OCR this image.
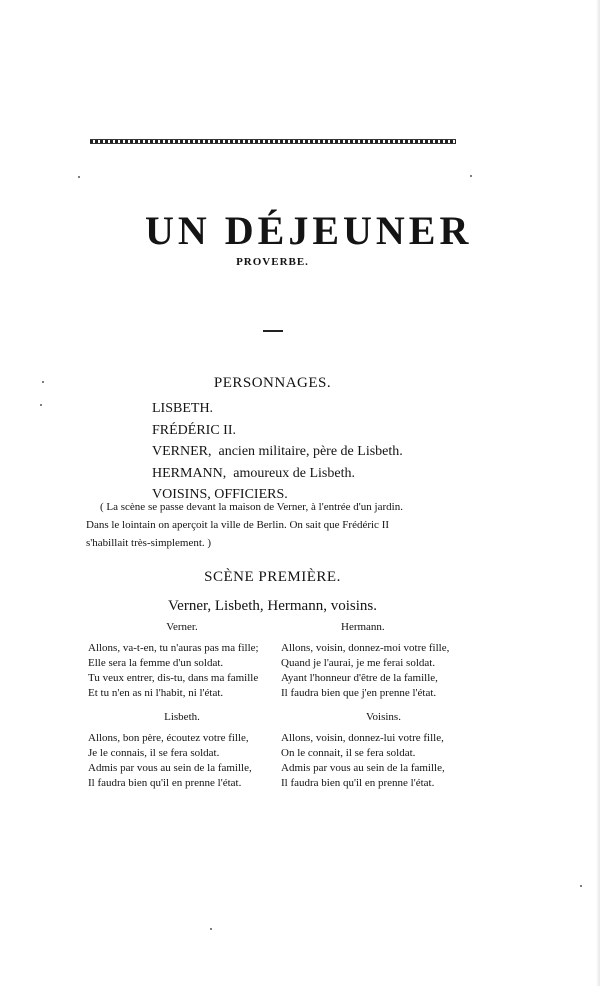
UN DÉJEUNER
PROVERBE.
PERSONNAGES.
LISBETH.
FRÉDÉRIC II.
VERNER, ancien militaire, père de Lisbeth.
HERMANN, amoureux de Lisbeth.
VOISINS, OFFICIERS.

( La scène se passe devant la maison de Verner, à l'entrée d'un jardin.

Dans le lointain on aperçoit la ville de Berlin. On sait que Frédéric II

s'habillait très-simplement. )

SCÈNE PREMIÈRE.
Verner, Lisbeth, Hermann, voisins.
Verner.
Allons, va-t-en, tu n'auras pas ma fille;
Elle sera la femme d'un soldat.
Tu veux entrer, dis-tu, dans ma famille
Et tu n'en as ni l'habit, ni l'état.
Hermann.
Allons, voisin, donnez-moi votre fille,
Quand je l'aurai, je me ferai soldat.
Ayant l'honneur d'être de la famille,
Il faudra bien que j'en prenne l'état.
Lisbeth.
Allons, bon père, écoutez votre fille,
Je le connais, il se fera soldat.
Admis par vous au sein de la famille,
Il faudra bien qu'il en prenne l'état.
Voisins.
Allons, voisin, donnez-lui votre fille,
On le connait, il se fera soldat.
Admis par vous au sein de la famille,
Il faudra bien qu'il en prenne l'état.
